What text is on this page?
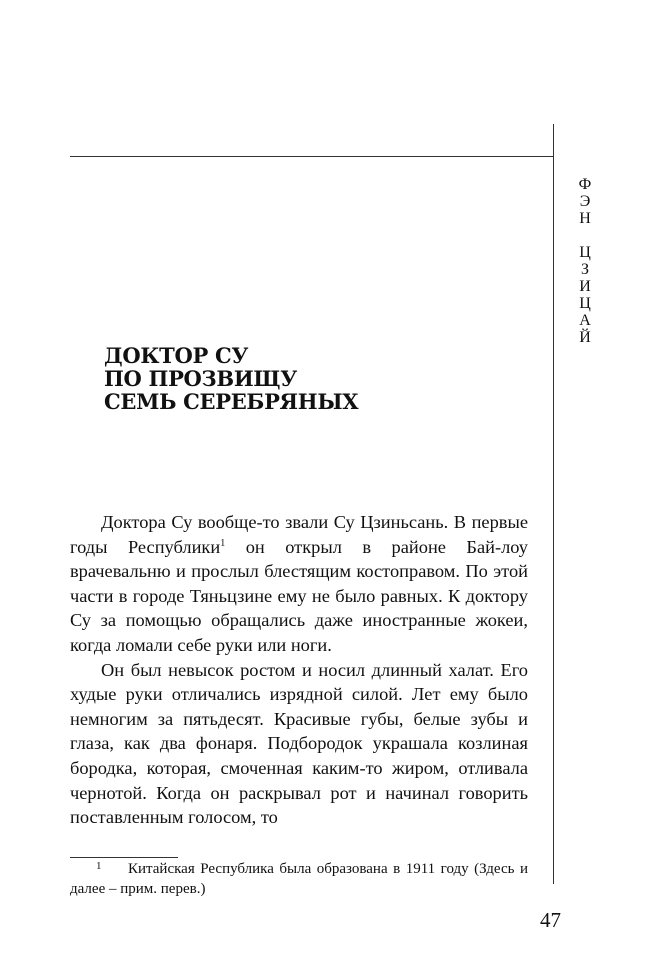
Ф
Э
Н
Ц
З
И
Ц
А
Й
ДОКТОР СУ
ПО ПРОЗВИЩУ
СЕМЬ СЕРЕБРЯНЫХ

Доктора Су вообще-то звали Су Цзиньсань. В первые годы Республики$^1$ он открыл в районе Бай-лоу врачевальню и прослыл блестящим костоправом. По этой части в городе Тяньцзине ему не было равных. К доктору Су за помощью обращались даже иностранные жокеи, когда ломали себе руки или ноги.

Он был невысок ростом и носил длинный халат. Его худые руки отличались изрядной силой. Лет ему было немногим за пятьдесят. Красивые губы, белые зубы и глаза, как два фонаря. Подбородок украшала козлиная бородка, которая, смоченная каким-то жиром, отливала чернотой. Когда он раскрывал рот и начинал говорить поставленным голосом, то

1 Китайская Республика была образована в 1911 году (Здесь и далее – прим. перев.)
47
